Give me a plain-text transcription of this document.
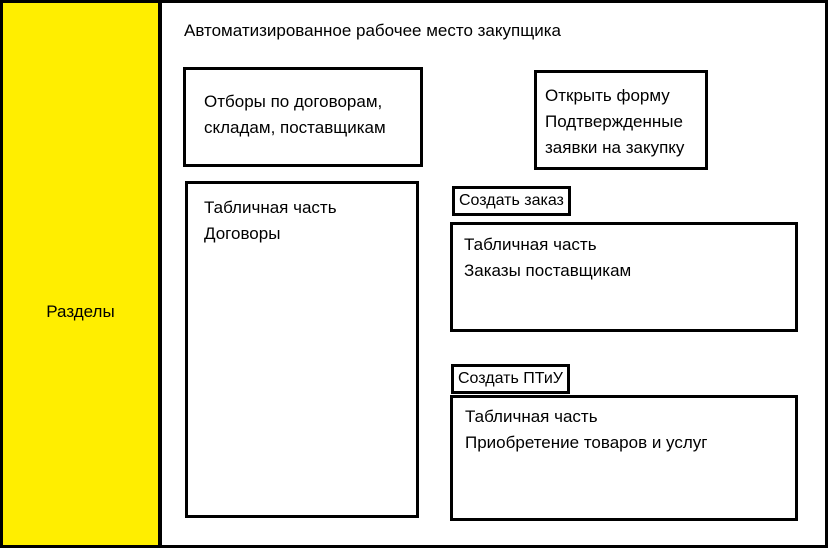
Разделы
Автоматизированное рабочее место закупщика
Отборы по договорам,
складам, поставщикам
Открыть форму
Подтвержденные
заявки на закупку
Табличная часть
Договоры
Создать заказ
Табличная часть
Заказы поставщикам
Создать ПТиУ
Табличная часть
Приобретение товаров и услуг
